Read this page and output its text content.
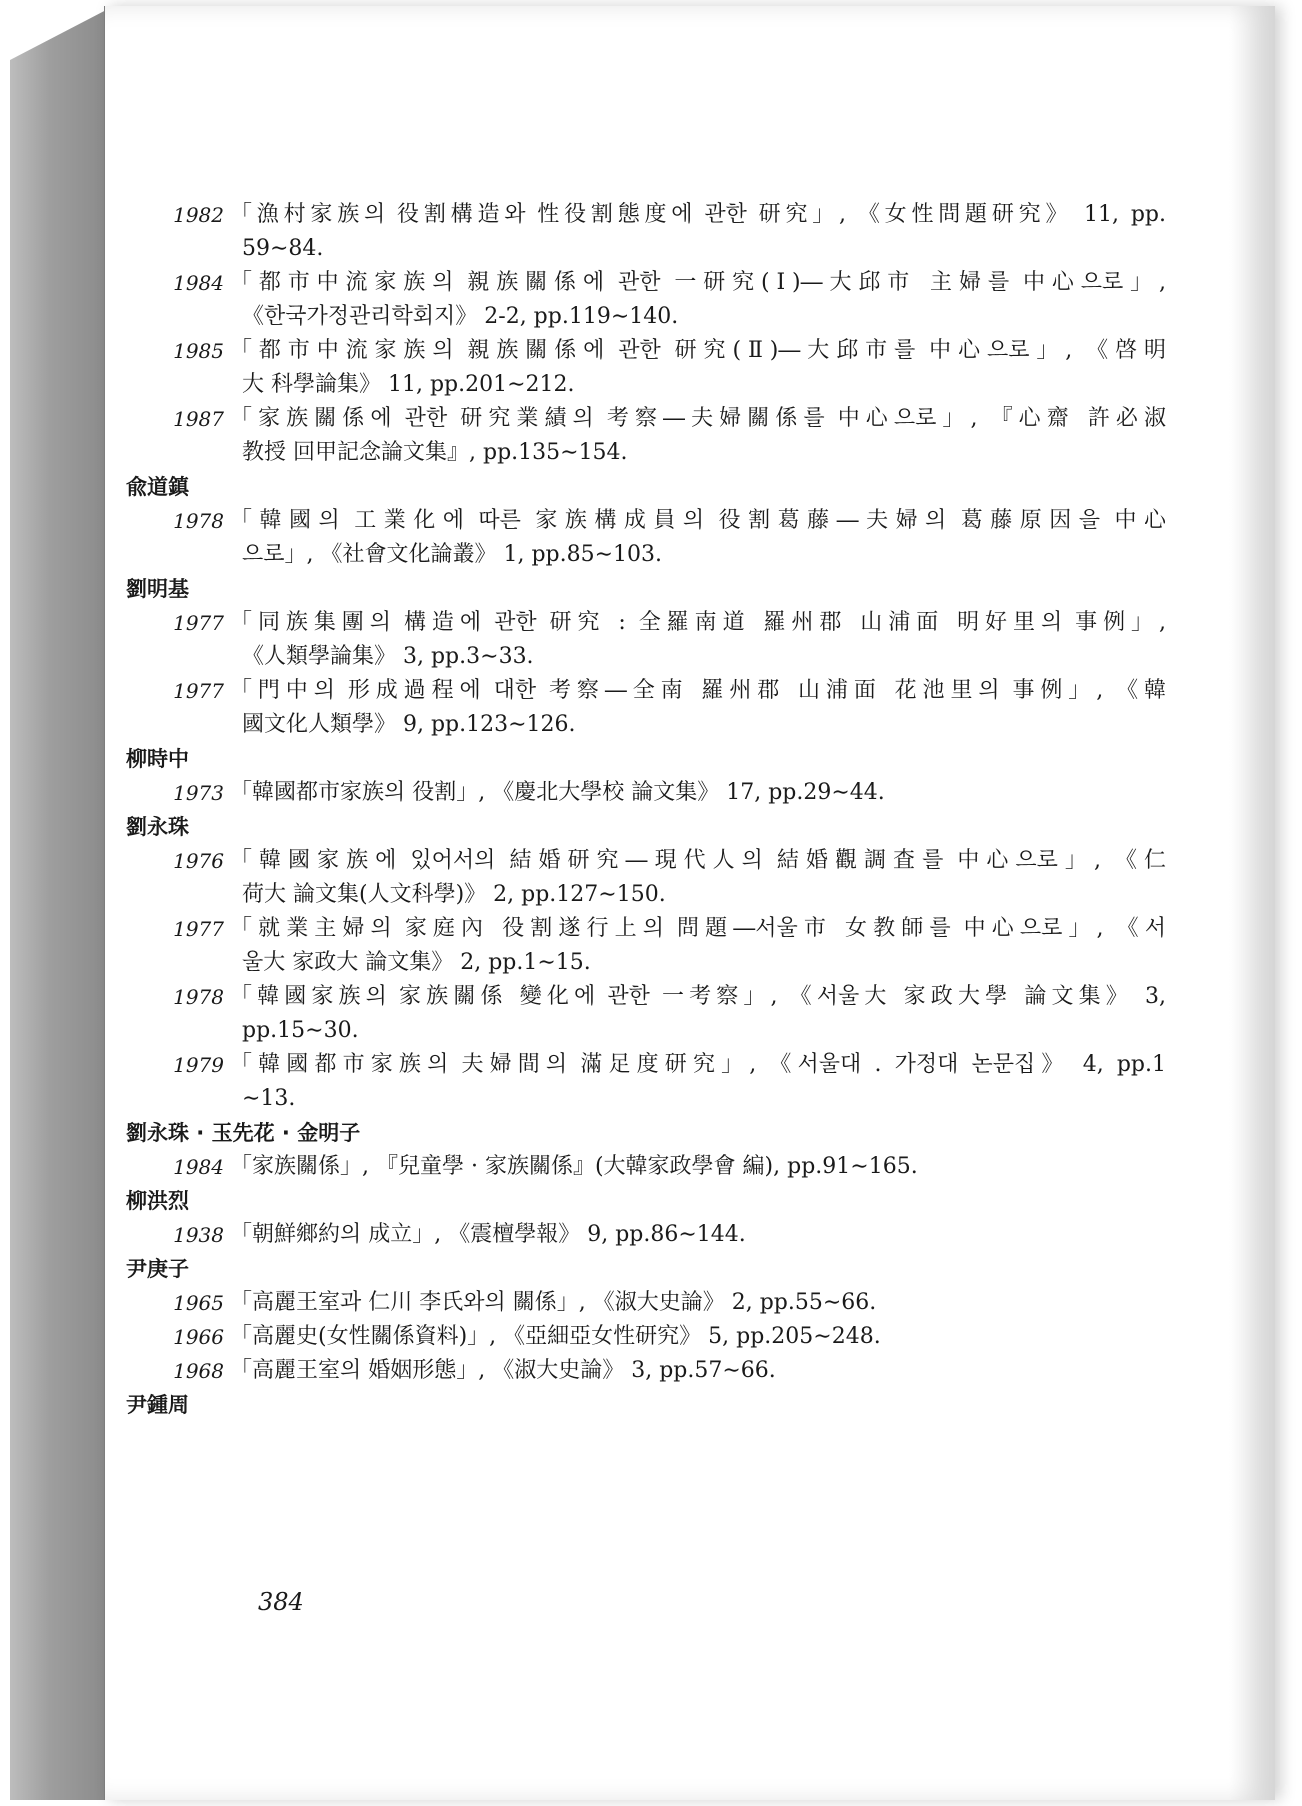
1982 「漁村家族의 役割構造와 性役割態度에 관한 研究」, 《女性問題研究》 11, pp.
59∼84.
1984 「都市中流家族의 親族關係에 관한 一研究(Ⅰ)―大邱市 主婦를 中心으로」,
《한국가정관리학회지》 2-2, pp.119∼140.
1985 「都市中流家族의 親族關係에 관한 研究(Ⅱ)―大邱市를 中心으로」, 《啓明
大 科學論集》 11, pp.201∼212.
1987 「家族關係에 관한 研究業績의 考察―夫婦關係를 中心으로」, 『心齋 許必淑
教授 回甲記念論文集』, pp.135∼154.
兪道鎮
1978 「韓國의 工業化에 따른 家族構成員의 役割葛藤―夫婦의 葛藤原因을 中心
으로」, 《社會文化論叢》 1, pp.85∼103.
劉明基
1977 「同族集團의 構造에 관한 研究 : 全羅南道 羅州郡 山浦面 明好里의 事例」,
《人類學論集》 3, pp.3∼33.
1977 「門中의 形成過程에 대한 考察―全南 羅州郡 山浦面 花池里의 事例」, 《韓
國文化人類學》 9, pp.123∼126.
柳時中
1973 「韓國都市家族의 役割」, 《慶北大學校 論文集》 17, pp.29∼44.
劉永珠
1976 「韓國家族에 있어서의 結婚研究―現代人의 結婚觀調査를 中心으로」, 《仁
荷大 論文集(人文科學)》 2, pp.127∼150.
1977 「就業主婦의 家庭內 役割遂行上의 問題―서울市 女教師를 中心으로」, 《서
울大 家政大 論文集》 2, pp.1∼15.
1978 「韓國家族의 家族關係 變化에 관한 一考察」, 《서울大 家政大學 論文集》 3,
pp.15∼30.
1979 「韓國都市家族의 夫婦間의 滿足度研究」, 《서울대 . 가정대 논문집》 4, pp.1
∼13.
劉永珠 · 玉先花 · 金明子
1984 「家族關係」, 『兒童學 · 家族關係』(大韓家政學會 編), pp.91∼165.
柳洪烈
1938 「朝鮮鄉約의 成立」, 《震檀學報》 9, pp.86∼144.
尹庚子
1965 「高麗王室과 仁川 李氏와의 關係」, 《淑大史論》 2, pp.55∼66.
1966 「高麗史(女性關係資料)」, 《亞細亞女性研究》 5, pp.205∼248.
1968 「高麗王室의 婚姻形態」, 《淑大史論》 3, pp.57∼66.
尹鍾周
384
